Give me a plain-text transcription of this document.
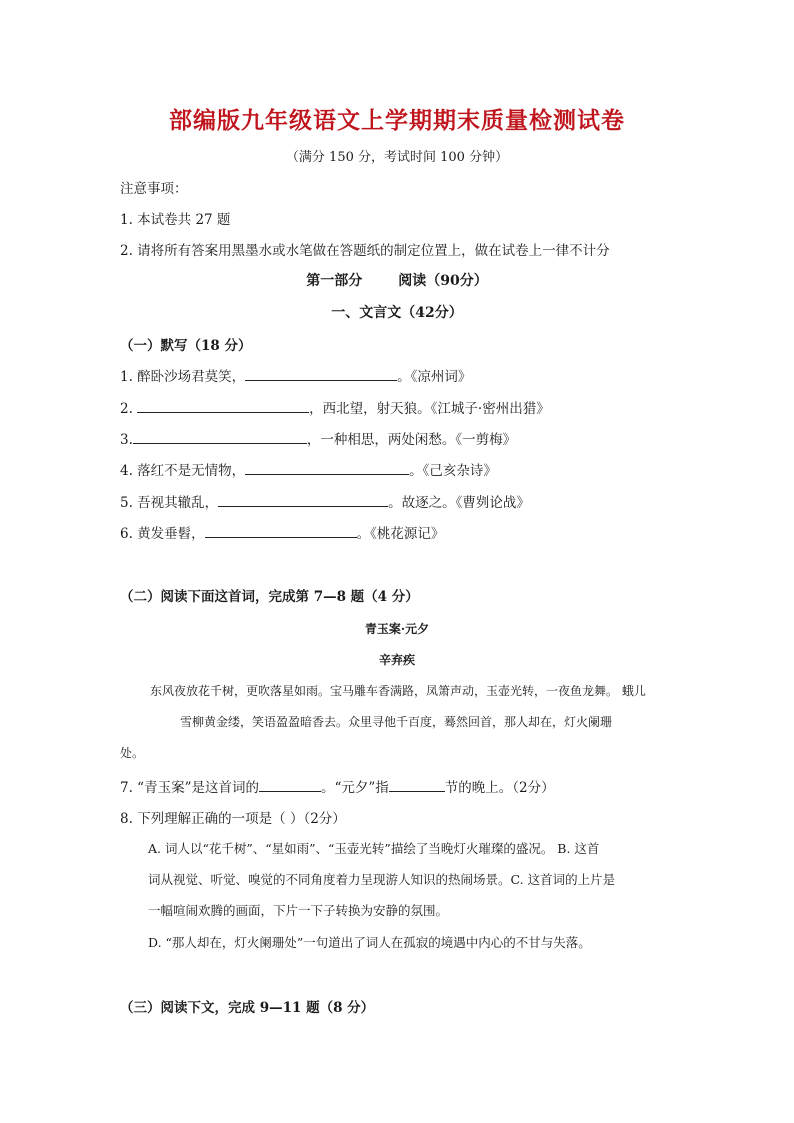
部编版九年级语文上学期期末质量检测试卷
（满分 150 分，考试时间 100 分钟）
注意事项：
1. 本试卷共 27 题
2. 请将所有答案用黑墨水或水笔做在答题纸的制定位置上，做在试卷上一律不计分
第一部分	阅读（90分）
一、文言文（42分）
（一）默写（18 分）
1. 醉卧沙场君莫笑，	。《凉州词》
2.	，西北望，射天狼。《江城子·密州出猎》
3.	，一种相思，两处闲愁。《一剪梅》
4. 落红不是无情物，	。《己亥杂诗》
5. 吾视其辙乱，	。故逐之。《曹刿论战》
6. 黄发垂髫，	。《桃花源记》
（二）阅读下面这首词，完成第 7—8 题（4 分）
青玉案·元夕
辛弃疾
东风夜放花千树，更吹落星如雨。宝马雕车香满路，凤箫声动，玉壶光转，一夜鱼龙舞。 蛾儿
雪柳黄金缕，笑语盈盈暗香去。众里寻他千百度，蓦然回首，那人却在，灯火阑珊
处。
7. “青玉案”是这首词的	。“元夕”指	节的晚上。（2分）
8. 下列理解正确的一项是（ ）（2分）
A. 词人以“花千树”、“星如雨”、“玉壶光转”描绘了当晚灯火璀璨的盛况。 B. 这首
词从视觉、听觉、嗅觉的不同角度着力呈现游人知识的热闹场景。C. 这首词的上片是
一幅喧闹欢腾的画面，下片一下子转换为安静的氛围。
D. “那人却在，灯火阑珊处”一句道出了词人在孤寂的境遇中内心的不甘与失落。
（三）阅读下文，完成 9—11 题（8 分）
